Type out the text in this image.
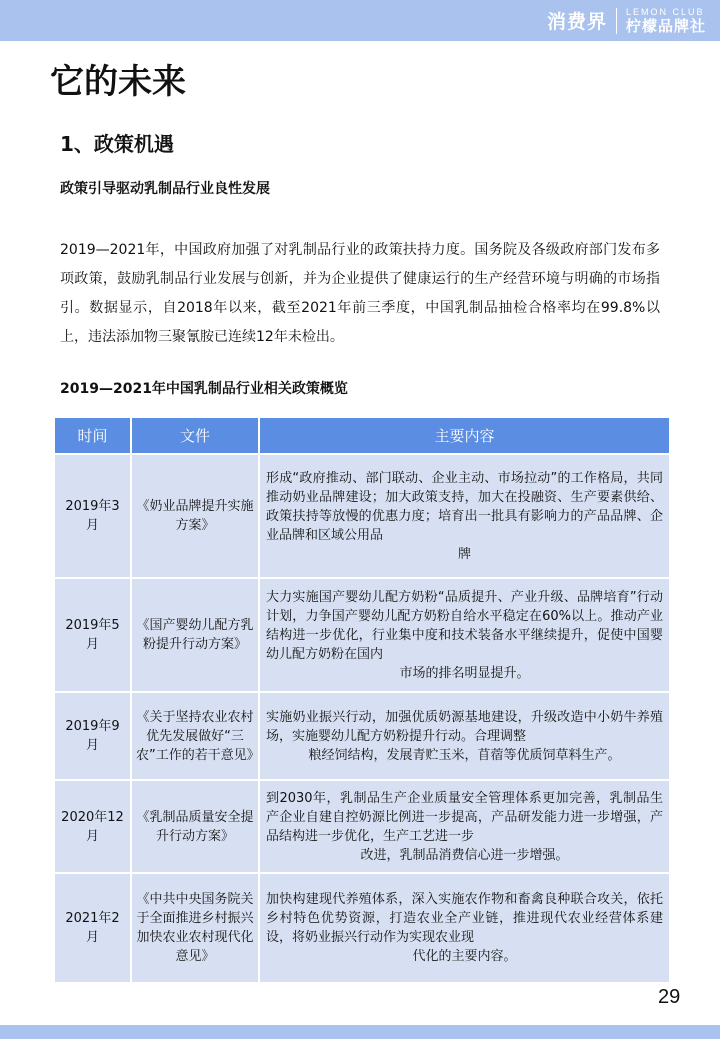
消费界 LEMON CLUB
柠檬品牌社
它的未来
1、政策机遇
政策引导驱动乳制品行业良性发展

2019—2021年，中国政府加强了对乳制品行业的政策扶持力度。国务院及各级政府部门发布多项政策，鼓励乳制品行业发展与创新，并为企业提供了健康运行的生产经营环境与明确的市场指引。数据显示，自2018年以来，截至2021年前三季度，中国乳制品抽检合格率均在99.8%以上，违法添加物三聚氰胺已连续12年未检出。

2019—2021年中国乳制品行业相关政策概览
时间	文件	主要内容
2019年3月	《奶业品牌提升实施方案》	形成“政府推动、部门联动、企业主动、市场拉动”的工作格局，共同推动奶业品牌建设；加大政策支持，加大在投融资、生产要素供给、政策扶持等放慢的优惠力度；培育出一批具有影响力的产品品牌、企业品牌和区域公用品
牌

2019年5月	《国产婴幼儿配方乳粉提升行动方案》	大力实施国产婴幼儿配方奶粉“品质提升、产业升级、品牌培育”行动计划，力争国产婴幼儿配方奶粉自给水平稳定在60%以上。推动产业结构进一步优化，行业集中度和技术装备水平继续提升，促使中国婴幼儿配方奶粉在国内
市场的排名明显提升。

2019年9月	《关于坚持农业农村优先发展做好“三农”工作的若干意见》	实施奶业振兴行动，加强优质奶源基地建设，升级改造中小奶牛养殖场，实施婴幼儿配方奶粉提升行动。合理调整
粮经饲结构，发展青贮玉米，苜蓿等优质饲草料生产。

2020年12月	《乳制品质量安全提升行动方案》	到2030年，乳制品生产企业质量安全管理体系更加完善，乳制品生产企业自建自控奶源比例进一步提高，产品研发能力进一步增强，产品结构进一步优化，生产工艺进一步
改进，乳制品消费信心进一步增强。

2021年2月	《中共中央国务院关于全面推进乡村振兴加快农业农村现代化意见》	加快构建现代养殖体系，深入实施农作物和畜禽良种联合攻关，依托乡村特色优势资源，打造农业全产业链，推进现代农业经营体系建设，将奶业振兴行动作为实现农业现
代化的主要内容。
29
